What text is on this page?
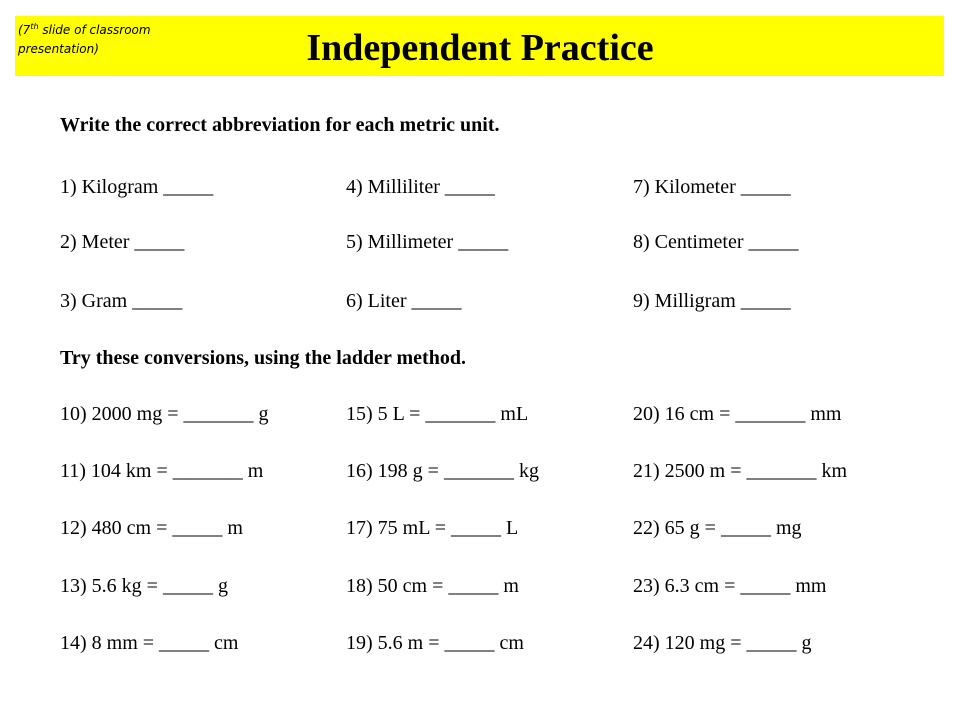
(7th slide of classroom presentation)	Independent Practice
Write the correct abbreviation for each metric unit.
1) Kilogram _____
2) Meter _____
3) Gram _____
4) Milliliter _____
5) Millimeter _____
6) Liter _____
7) Kilometer _____
8) Centimeter _____
9) Milligram _____
Try these conversions, using the ladder method.
10) 2000 mg = _______ g
11) 104 km = _______ m
12) 480 cm = _____ m
13) 5.6 kg = _____ g
14) 8 mm = _____ cm
15) 5 L = _______ mL
16) 198 g = _______ kg
17) 75 mL = _____ L
18) 50 cm = _____ m
19) 5.6 m = _____ cm
20) 16 cm = _______ mm
21) 2500 m = _______ km
22) 65 g = _____ mg
23) 6.3 cm = _____ mm
24) 120 mg = _____ g
